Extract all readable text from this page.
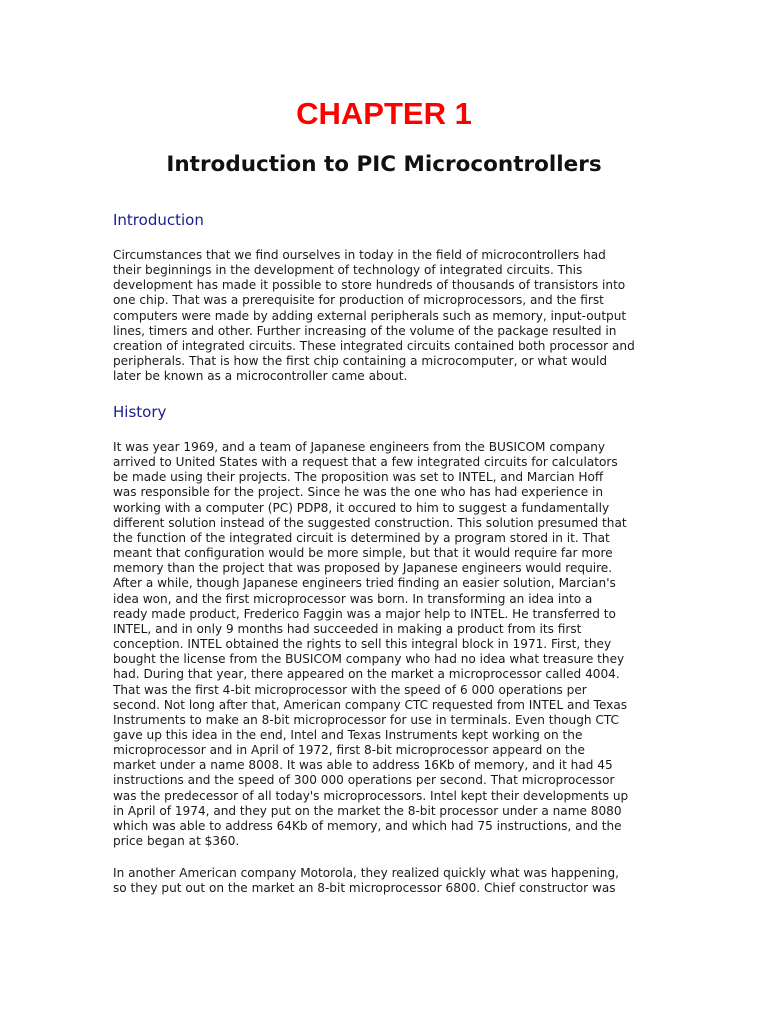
CHAPTER 1
Introduction to PIC Microcontrollers
Introduction

Circumstances that we find ourselves in today in the field of microcontrollers had
their beginnings in the development of technology of integrated circuits. This
development has made it possible to store hundreds of thousands of transistors into
one chip. That was a prerequisite for production of microprocessors, and the first
computers were made by adding external peripherals such as memory, input-output
lines, timers and other. Further increasing of the volume of the package resulted in
creation of integrated circuits. These integrated circuits contained both processor and
peripherals. That is how the first chip containing a microcomputer, or what would
later be known as a microcontroller came about.

History

It was year 1969, and a team of Japanese engineers from the BUSICOM company
arrived to United States with a request that a few integrated circuits for calculators
be made using their projects. The proposition was set to INTEL, and Marcian Hoff
was responsible for the project. Since he was the one who has had experience in
working with a computer (PC) PDP8, it occured to him to suggest a fundamentally
different solution instead of the suggested construction. This solution presumed that
the function of the integrated circuit is determined by a program stored in it. That
meant that configuration would be more simple, but that it would require far more
memory than the project that was proposed by Japanese engineers would require.
After a while, though Japanese engineers tried finding an easier solution, Marcian's
idea won, and the first microprocessor was born. In transforming an idea into a
ready made product, Frederico Faggin was a major help to INTEL. He transferred to
INTEL, and in only 9 months had succeeded in making a product from its first
conception. INTEL obtained the rights to sell this integral block in 1971. First, they
bought the license from the BUSICOM company who had no idea what treasure they
had. During that year, there appeared on the market a microprocessor called 4004.
That was the first 4-bit microprocessor with the speed of 6 000 operations per
second. Not long after that, American company CTC requested from INTEL and Texas
Instruments to make an 8-bit microprocessor for use in terminals. Even though CTC
gave up this idea in the end, Intel and Texas Instruments kept working on the
microprocessor and in April of 1972, first 8-bit microprocessor appeard on the
market under a name 8008. It was able to address 16Kb of memory, and it had 45
instructions and the speed of 300 000 operations per second. That microprocessor
was the predecessor of all today's microprocessors. Intel kept their developments up
in April of 1974, and they put on the market the 8-bit processor under a name 8080
which was able to address 64Kb of memory, and which had 75 instructions, and the
price began at $360.

In another American company Motorola, they realized quickly what was happening,
so they put out on the market an 8-bit microprocessor 6800. Chief constructor was
